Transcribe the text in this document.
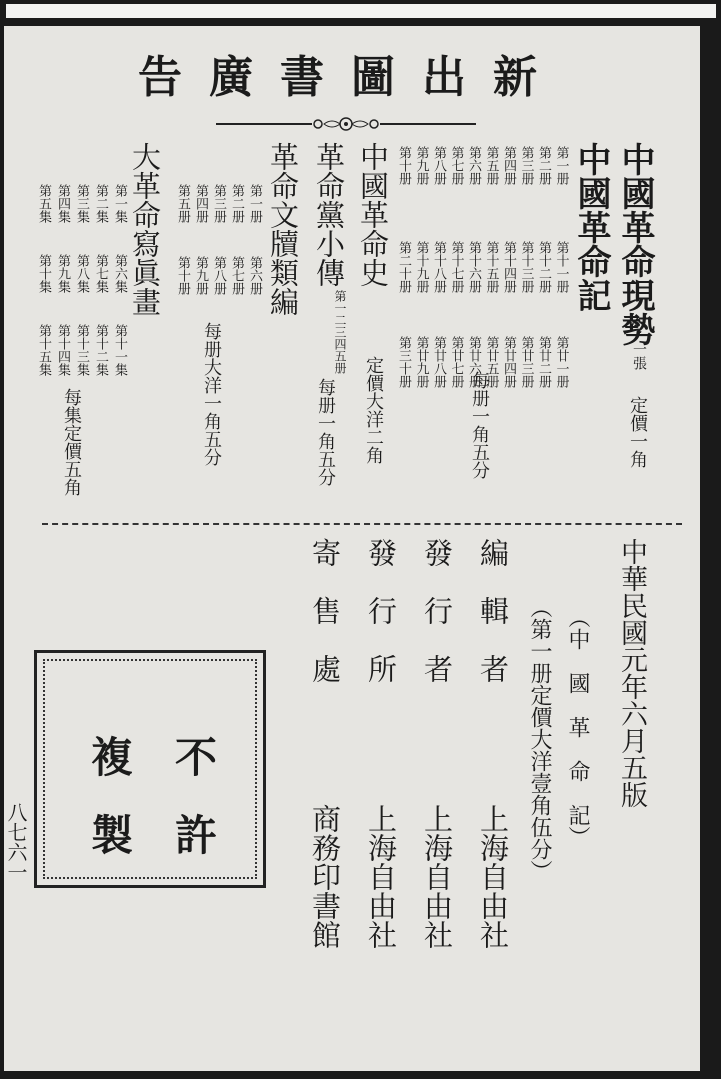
新出圖書廣告
中國革命現勢
一張
定價一角
中國革命記
第一册
第二册
第三册
第四册
第五册
第六册
第七册
第八册
第九册
第十册
第十一册
第十二册
第十三册
第十四册
第十五册
第十六册
第十七册
第十八册
第十九册
第二十册
第廿一册
第廿二册
第廿三册
第廿四册
第廿五册
第廿六册
第廿七册
第廿八册
第廿九册
第三十册
每册一角五分
中國革命史
定價大洋二角
革命黨小傳
第一二三四五册
每册一角五分
革命文牘類編
第一册
第二册
第三册
第四册
第五册
第六册
第七册
第八册
第九册
第十册
每册大洋一角五分
大革命寫眞畫
第一集
第二集
第三集
第四集
第五集
第六集
第七集
第八集
第九集
第十集
第十一集
第十二集
第十三集
第十四集
第十五集
每集定價五角
中華民國元年六月五版
（中　國　革　命　記）
（第一册定價大洋壹角伍分）
編　輯　者
上海自由社
發　行　者
上海自由社
發　行　所
上海自由社
寄　售　處
商務印書館
不
許
複
製
八七六一
